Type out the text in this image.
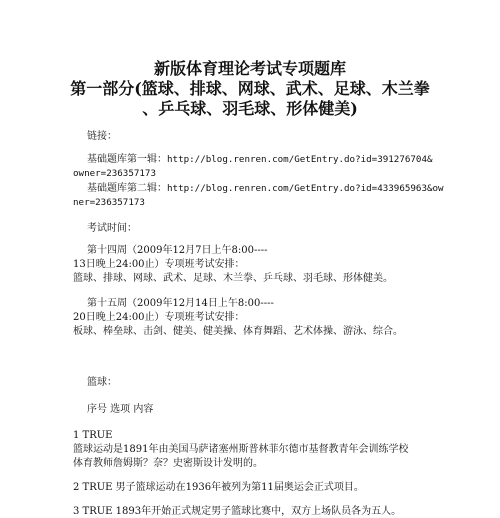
新版体育理论考试专项题库
第一部分(篮球、排球、网球、武术、足球、木兰拳
、乒乓球、羽毛球、形体健美)
链接：
基础题库第一辑：http://blog.renren.com/GetEntry.do?id=391276704&
owner=236357173
基础题库第二辑：http://blog.renren.com/GetEntry.do?id=433965963&ow
ner=236357173
考试时间：
第十四周（2009年12月7日上午8:00----
13日晚上24:00止）专项班考试安排：
篮球、排球、网球、武术、足球、木兰拳、乒乓球、羽毛球、形体健美。
第十五周（2009年12月14日上午8:00----
20日晚上24:00止）专项班考试安排：
板球、棒垒球、击剑、健美、健美操、体育舞蹈、艺术体操、游泳、综合。
篮球：
序号 选项 内容
1 TRUE
篮球运动是1891年由美国马萨诸塞州斯普林菲尔德市基督教青年会训练学校
体育教师詹姆斯？奈？史密斯设计发明的。
2 TRUE 男子篮球运动在1936年被列为第11届奥运会正式项目。
3 TRUE 1893年开始正式规定男子篮球比赛中，双方上场队员各为五人。
